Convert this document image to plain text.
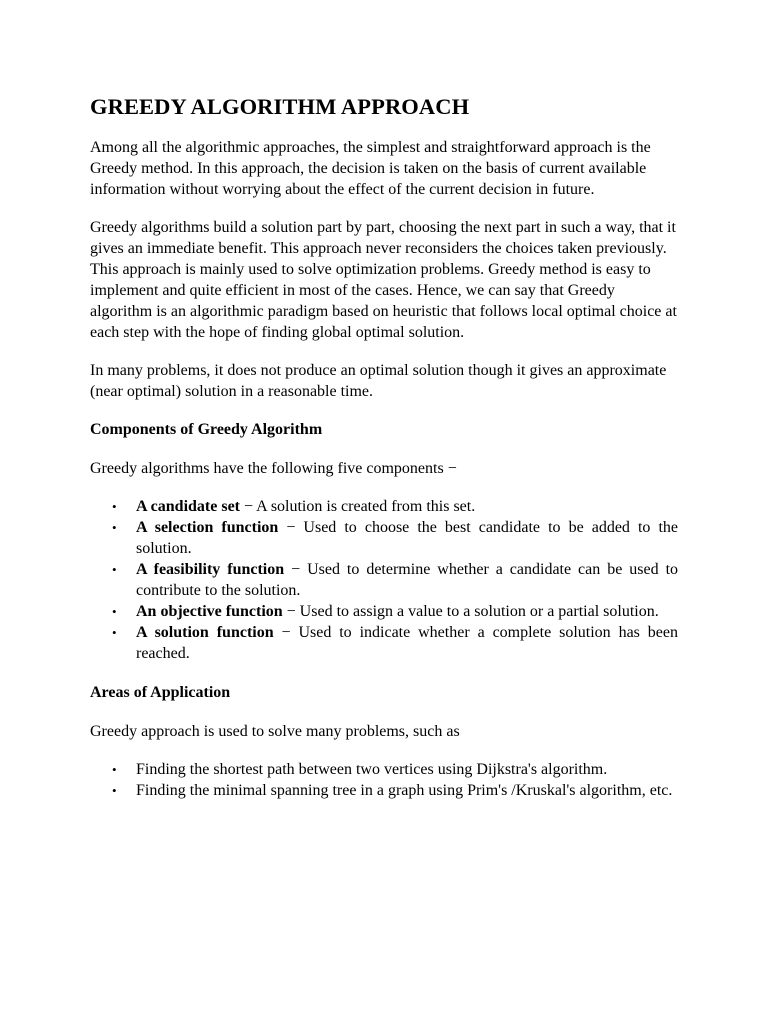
GREEDY ALGORITHM APPROACH

Among all the algorithmic approaches, the simplest and straightforward approach is the Greedy method. In this approach, the decision is taken on the basis of current available information without worrying about the effect of the current decision in future.

Greedy algorithms build a solution part by part, choosing the next part in such a way, that it gives an immediate benefit. This approach never reconsiders the choices taken previously. This approach is mainly used to solve optimization problems. Greedy method is easy to implement and quite efficient in most of the cases. Hence, we can say that Greedy algorithm is an algorithmic paradigm based on heuristic that follows local optimal choice at each step with the hope of finding global optimal solution.

In many problems, it does not produce an optimal solution though it gives an approximate (near optimal) solution in a reasonable time.

Components of Greedy Algorithm

Greedy algorithms have the following five components −

• A candidate set − A solution is created from this set.
• A selection function − Used to choose the best candidate to be added to the solution.
• A feasibility function − Used to determine whether a candidate can be used to contribute to the solution.
• An objective function − Used to assign a value to a solution or a partial solution.
• A solution function − Used to indicate whether a complete solution has been reached.
Areas of Application

Greedy approach is used to solve many problems, such as

• Finding the shortest path between two vertices using Dijkstra's algorithm.
• Finding the minimal spanning tree in a graph using Prim's /Kruskal's algorithm, etc.
